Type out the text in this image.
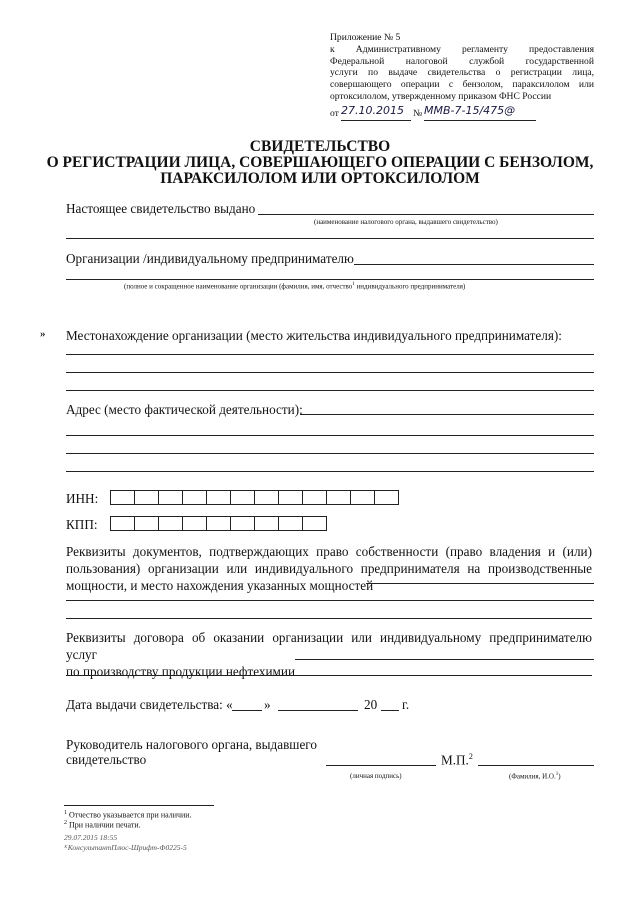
Приложение № 5
к Административному регламенту предоставления
Федеральной налоговой службой государственной
услуги по выдаче свидетельства о регистрации лица,
совершающего операции с бензолом, параксилолом или
ортоксилолом, утвержденному приказом ФНС России
от 27.10.2015 № ММВ-7-15/475@
СВИДЕТЕЛЬСТВО
О РЕГИСТРАЦИИ ЛИЦА, СОВЕРШАЮЩЕГО ОПЕРАЦИИ С БЕНЗОЛОМ,
ПАРАКСИЛОЛОМ ИЛИ ОРТОКСИЛОЛОМ
Настоящее свидетельство выдано
(наименование налогового органа, выдавшего свидетельство)
Организации /индивидуальному предпринимателю
(полное и сокращенное наименование организации (фамилия, имя, отчество$^1$ индивидуального предпринимателя)
» Местонахождение организации (место жительства индивидуального предпринимателя):
Адрес (место фактической деятельности):
ИНН:
КПП:
Реквизиты документов, подтверждающих право собственности (право владения и (или)
пользования) организации или индивидуального предпринимателя на производственные
мощности, и место нахождения указанных мощностей
Реквизиты договора об оказании организации или индивидуальному предпринимателю услуг
по производству продукции нефтехимии
Дата выдачи свидетельства: « »	20 г.
Руководитель налогового органа, выдавшего
свидетельство	М.П.$^2$
(личная подпись)	(Фамилия, И.О.$^1$)
$^1$ Отчество указывается при наличии.
$^2$ При наличии печати.
29.07.2015 18:55
ᴷКонсультантПлюс-Шрифт-Ф0225-5
